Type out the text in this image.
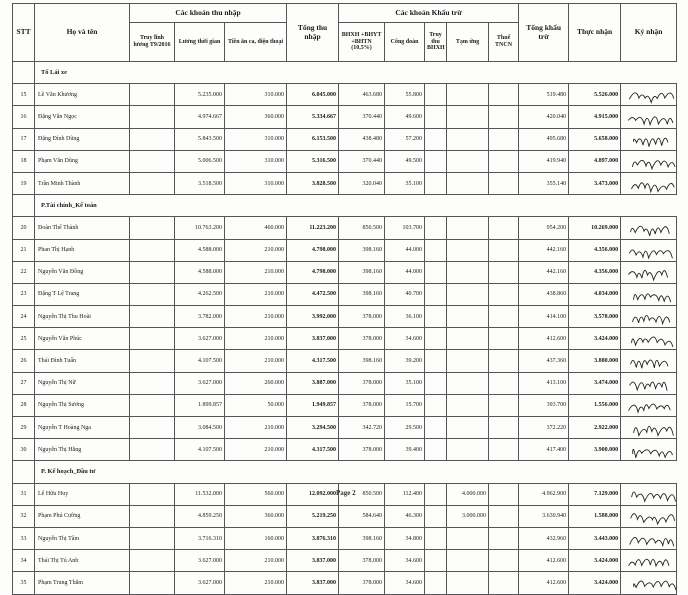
STT	Họ và tên	Các khoản thu nhập			Tổng thu nhập	Các khoản Khấu trừ					Tổng khấu trừ	Thực nhận	Ký nhận
		Truy lĩnh lương T9/2016	Lương thời gian	Tiền ăn ca, điện thoại		BHXH +BHYT +BHTN (10,5%)	Công đoàn	Truy thu BHXH	Tạm ứng	Thuế TNCN			
	Tổ Lái xe												
15	Lê Văn Khương		5.235.000	310.000	6.045.000	463.680	55.800				519.480	5.526.000	

16	Đặng Văn Ngọc		4.974.667	360.000	5.334.667	370.440	49.600				420.040	4.915.000	

17	Đặng Đình Dũng		5.843.500	310.000	6.153.500	438.480	57.200				495.680	5.658.000	

18	Phạm Văn Dũng		5.006.500	310.000	5.316.500	370.440	49.500				419.940	4.897.000	

19	Trần Minh Thành		3.518.500	310.000	3.828.500	320.040	35.100				355.140	3.473.000	

	P.Tài chính_Kế toán												
20	Đoàn Thế Thành		10.763.200	460.000	11.223.200	850.500	103.700				954.200	10.269.000	

21	Phan Thị Hạnh		4.588.000	210.000	4.798.000	398.160	44.000				442.160	4.356.000	

22	Nguyễn Văn Đồng		4.588.000	210.000	4.798.000	398.160	44.000				442.160	4.356.000	

23	Đặng T Lệ Trang		4.262.500	210.000	4.472.500	398.160	40.700				438.860	4.034.000	

24	Nguyễn Thị Thu Hoài		3.782.000	210.000	3.992.000	378.000	36.100				414.100	3.578.000	

25	Nguyễn Văn Phúc		3.627.000	210.000	3.837.000	378.000	34.600				412.600	3.424.000	

26	Thái Đình Tuấn		4.107.500	210.000	4.317.500	398.160	39.200				437.360	3.880.000	

27	Nguyễn Thị Nữ		3.627.000	260.000	3.887.000	378.000	35.100				413.100	3.474.000	

28	Nguyễn Thị Sương		1.899.857	50.000	1.949.857	378.000	15.700				393.700	1.556.000	

29	Nguyễn T Hoàng Nga		3.084.500	210.000	3.294.500	342.720	29.500				372.220	2.922.000	

30	Nguyễn Thị Hằng		4.107.500	210.000	4.317.500	378.000	39.400				417.400	3.900.000	

	P. Kế hoạch_Đầu tư												
31	Lê Hữu Huy		11.532.000	560.000	12.092.000	850.500	112.400		4.000.000		4.962.900	7.129.000	

32	Phạm Phú Cường		4.859.250	360.000	5.219.250	584.640	46.300		3.000.000		3.630.940	1.588.000	

33	Nguyễn Thị Tâm		3.716.310	160.000	3.876.310	398.160	34.800				432.960	3.443.000	

34	Thái Thị Tú Anh		3.627.000	210.000	3.837.000	378.000	34.600				412.600	3.424.000	

35	Phạm Trung Thắm		3.627.000	210.000	3.837.000	378.000	34.600				412.600	3.424.000	
Page 2
